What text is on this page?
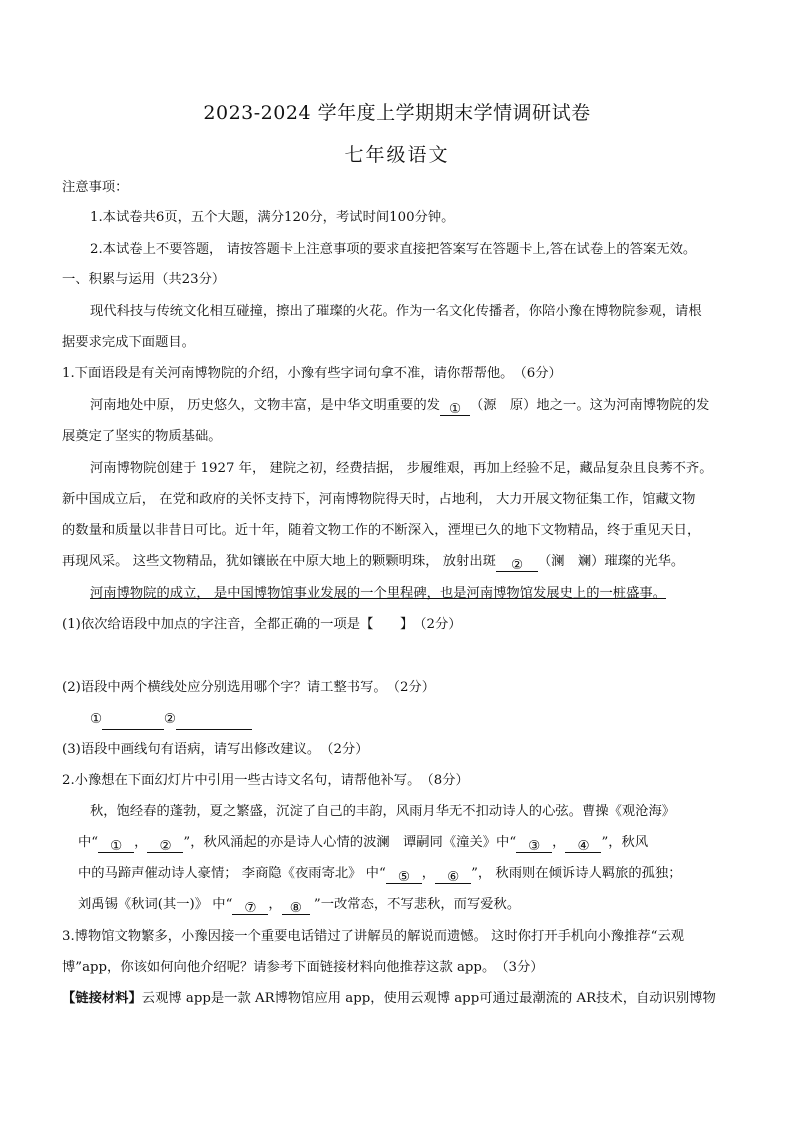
2023-2024 学年度上学期期末学情调研试卷
七年级语文
注意事项：
1.本试卷共6页，五个大题，满分120分，考试时间100分钟。
2.本试卷上不要答题， 请按答题卡上注意事项的要求直接把答案写在答题卡上,答在试卷上的答案无效。
一、积累与运用（共23分）
现代科技与传统文化相互碰撞，擦出了璀璨的火花。作为一名文化传播者，你陪小豫在博物院参观，请根
据要求完成下面题目。
1.下面语段是有关河南博物院的介绍，小豫有些字词句拿不准，请你帮帮他。　（6分）
河南地处中原， 历史悠久，文物丰富，是中华文明重要的发 ① （源　原）地之一。这为河南博物院的发
展奠定了坚实的物质基础。
河南博物院创建于 1927 年， 建院之初，经费拮据， 步履维艰，再加上经验不足，藏品复杂且良莠不齐。
新中国成立后， 在党和政府的关怀支持下，河南博物院得天时，占地利， 大力开展文物征集工作，馆藏文物
的数量和质量以非昔日可比。近十年，随着文物工作的不断深入，湮埋已久的地下文物精品，终于重见天日，
再现风采。 这些文物精品，犹如镶嵌在中原大地上的颗颗明珠， 放射出斑 ② （澜　斓）璀璨的光华。
河南博物院的成立， 是中国博物馆事业发展的一个里程碑，也是河南博物馆发展史上的一桩盛事。
(1)依次给语段中加点的字注音，全都正确的一项是【　　】　（2分）
(2)语段中两个横线处应分别选用哪个字？请工整书写。　（2分）
①	②
(3)语段中画线句有语病，请写出修改建议。　（2分）
2.小豫想在下面幻灯片中引用一些古诗文名句，请帮他补写。　（8分）
秋，饱经春的蓬勃，夏之繁盛，沉淀了自己的丰韵，风雨月华无不扣动诗人的心弦。曹操《观沧海》
中“ ① ， ② ”，秋风涌起的亦是诗人心情的波澜　谭嗣同《潼关》中“ ③ ， ④ ”，秋风
中的马蹄声催动诗人豪情； 李商隐《夜雨寄北》 中“ ⑤ ， ⑥ ”， 秋雨则在倾诉诗人羁旅的孤独；
刘禹锡《秋词(其一)》 中“ ⑦ ， ⑧ ”一改常态，不写悲秋，而写爱秋。
3.博物馆文物繁多，小豫因接一个重要电话错过了讲解员的解说而遗憾。 这时你打开手机向小豫推荐“云观
博”app，你该如何向他介绍呢？请参考下面链接材料向他推荐这款 app。　（3分）
【链接材料】云观博 app是一款 AR博物馆应用 app，使用云观博 app可通过最潮流的 AR技术，自动识别博物
